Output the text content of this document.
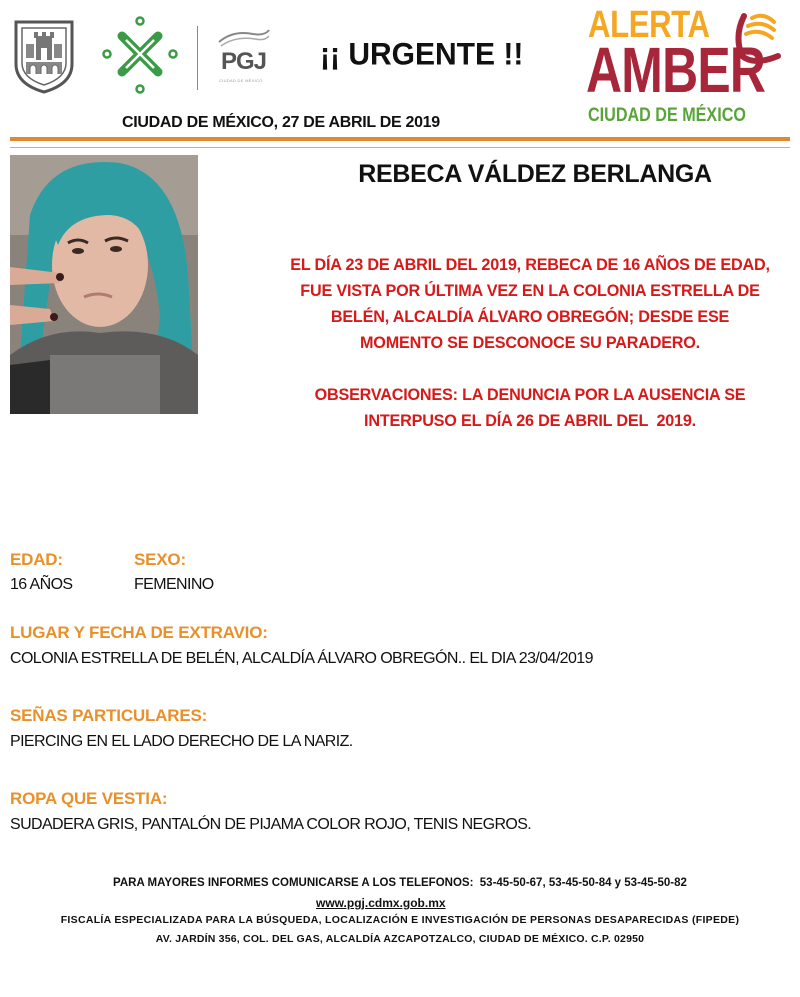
PGJ
CIUDAD DE MÉXICO
¡¡ URGENTE !!
ALERTA
AMBER
CIUDAD DE MÉXICO
CIUDAD DE MÉXICO, 27 DE ABRIL DE 2019
REBECA VÁLDEZ BERLANGA
EL DÍA 23 DE ABRIL DEL 2019, REBECA DE 16 AÑOS DE EDAD,
FUE VISTA POR ÚLTIMA VEZ EN LA COLONIA ESTRELLA DE
BELÉN, ALCALDÍA ÁLVARO OBREGÓN; DESDE ESE
MOMENTO SE DESCONOCE SU PARADERO.
OBSERVACIONES: LA DENUNCIA POR LA AUSENCIA SE
INTERPUSO EL DÍA 26 DE ABRIL DEL  2019.
EDAD:	SEXO:
16 AÑOS	FEMENINO
LUGAR Y FECHA DE EXTRAVIO:
COLONIA ESTRELLA DE BELÉN, ALCALDÍA ÁLVARO OBREGÓN.. EL DIA 23/04/2019
SEÑAS PARTICULARES:
PIERCING EN EL LADO DERECHO DE LA NARIZ.
ROPA QUE VESTIA:
SUDADERA GRIS, PANTALÓN DE PIJAMA COLOR ROJO, TENIS NEGROS.
PARA MAYORES INFORMES COMUNICARSE A LOS TELEFONOS:  53-45-50-67, 53-45-50-84 y 53-45-50-82
www.pgj.cdmx.gob.mx
FISCALÍA ESPECIALIZADA PARA LA BÚSQUEDA, LOCALIZACIÓN E INVESTIGACIÓN DE PERSONAS DESAPARECIDAS (FIPEDE)
AV. JARDÍN 356, COL. DEL GAS, ALCALDÍA AZCAPOTZALCO, CIUDAD DE MÉXICO. C.P. 02950
